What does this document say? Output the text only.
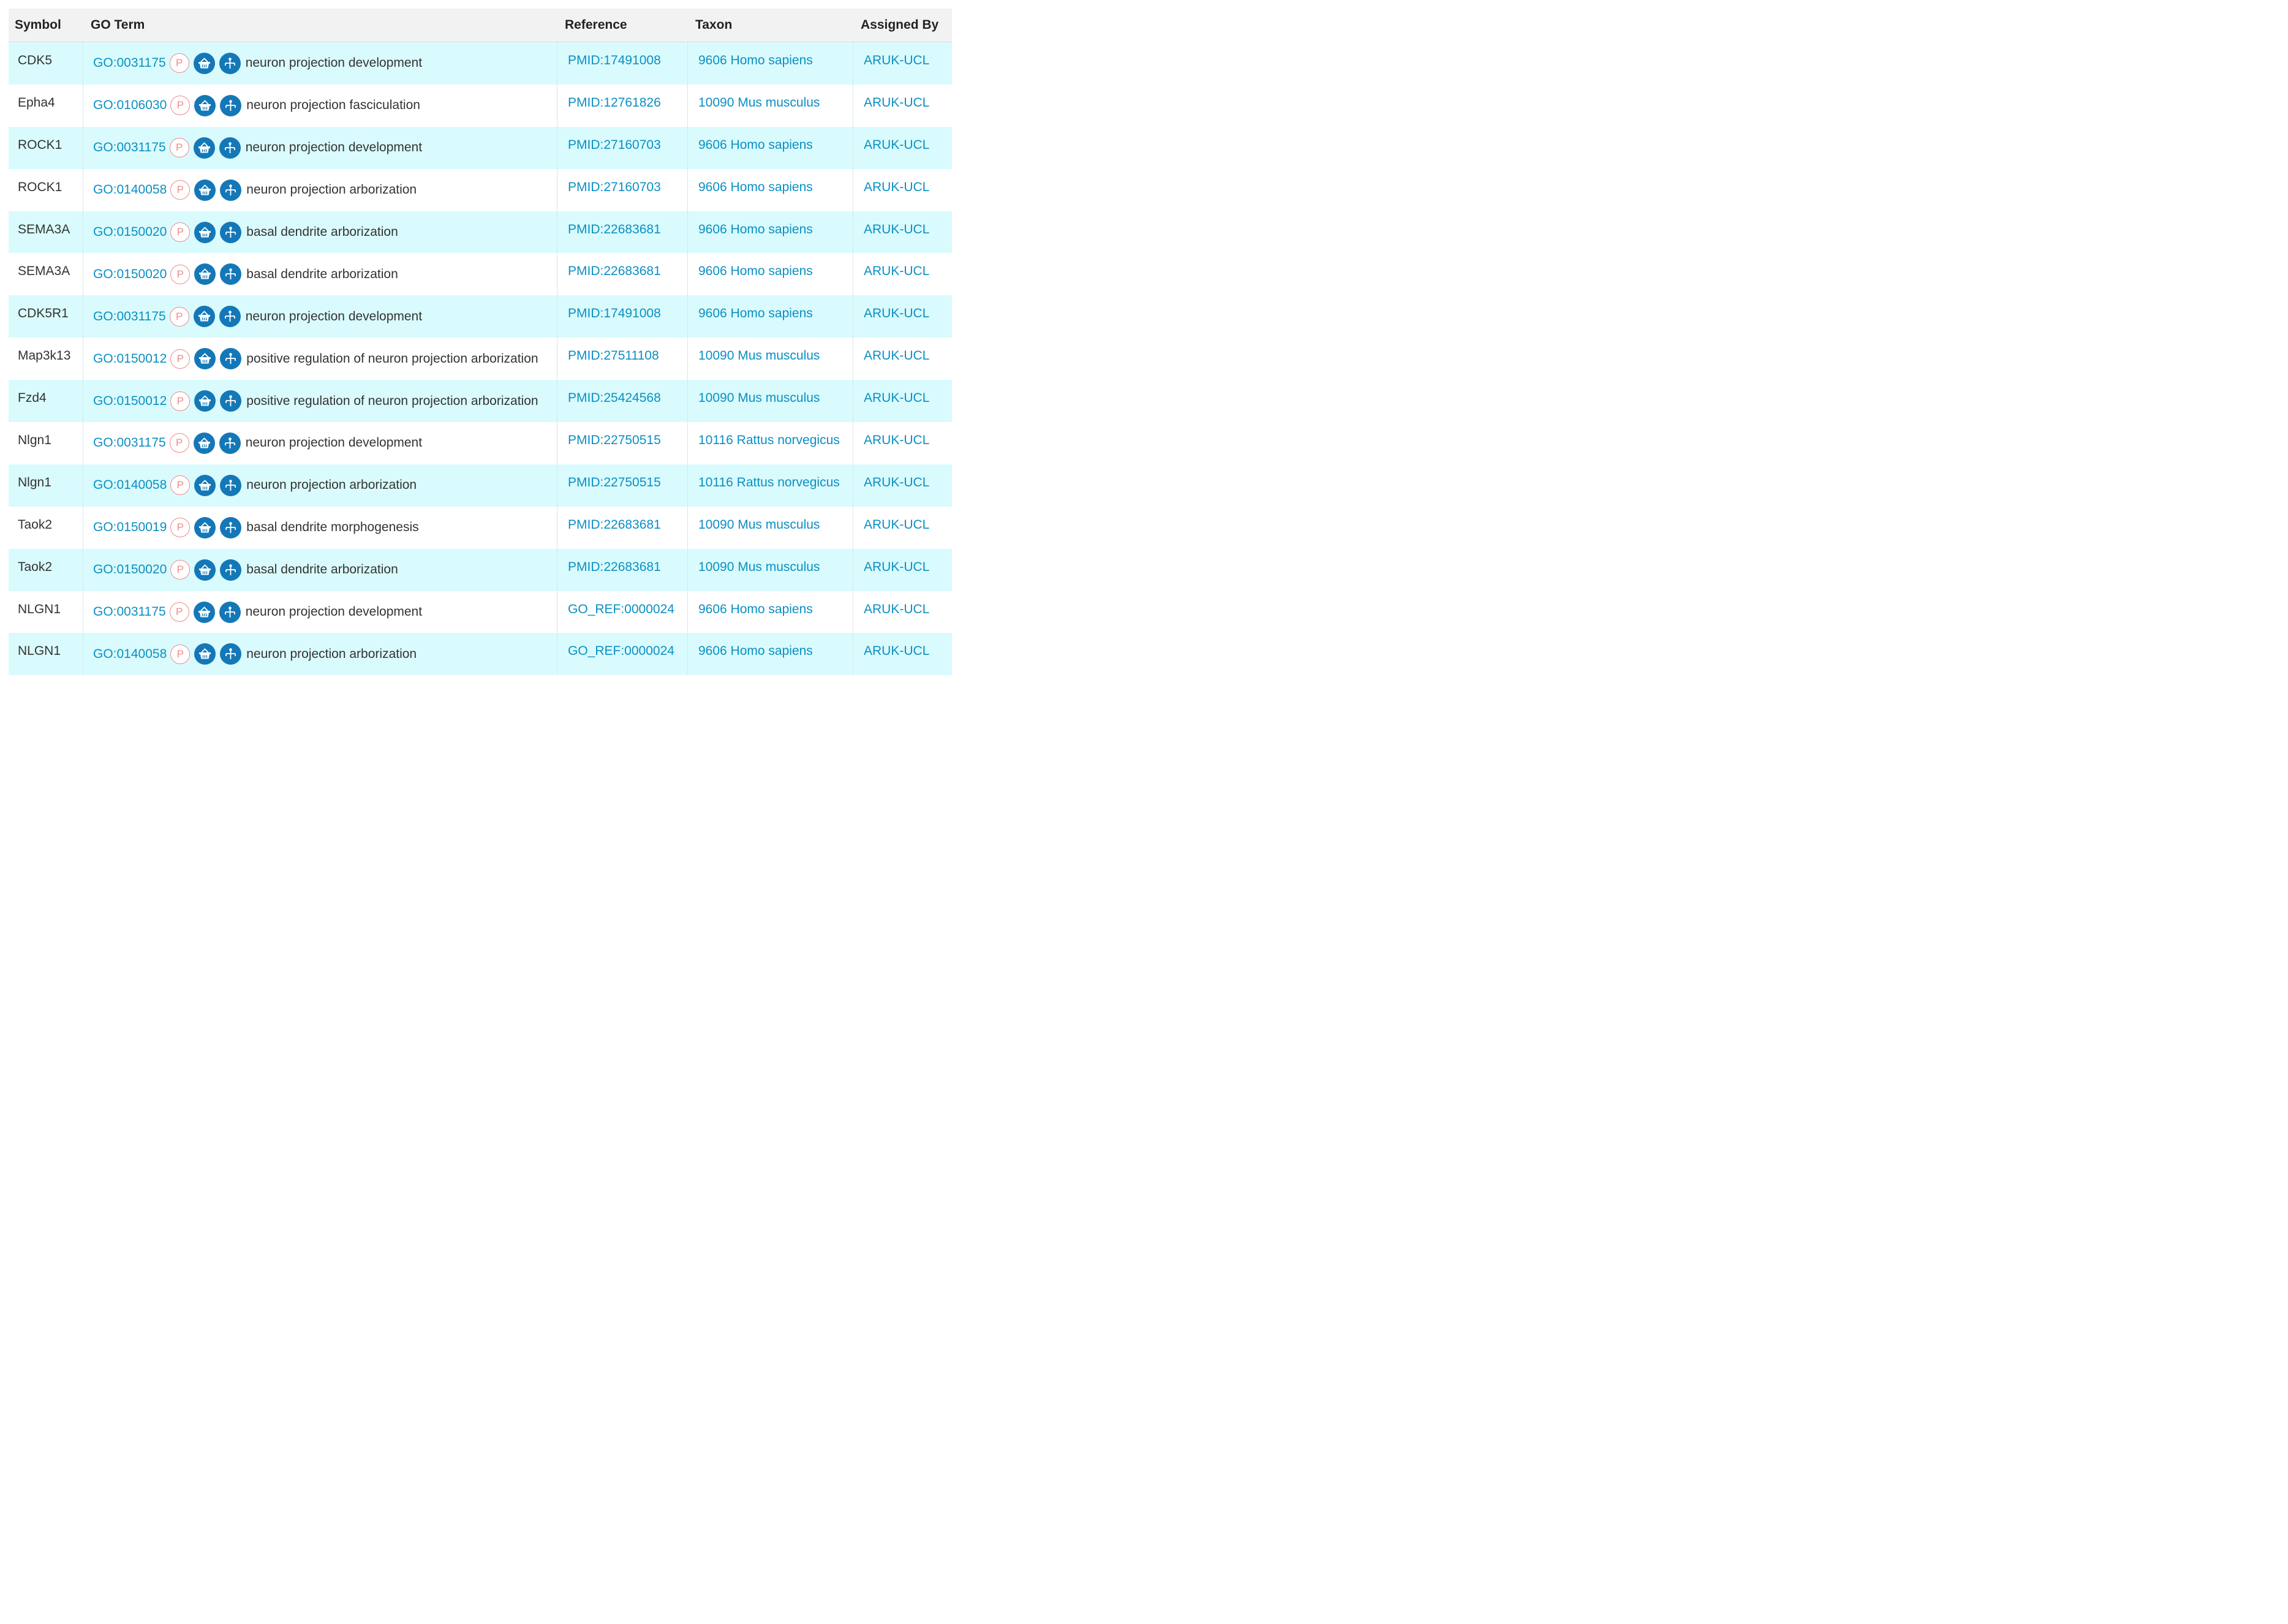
Symbol	GO Term	Reference	Taxon	Assigned By
CDK5	GO:0031175 P	neuron projection development	PMID:17491008	9606 Homo sapiens	ARUK-UCL
Epha4	GO:0106030 P	neuron projection fasciculation	PMID:12761826	10090 Mus musculus	ARUK-UCL
ROCK1	GO:0031175 P	neuron projection development	PMID:27160703	9606 Homo sapiens	ARUK-UCL
ROCK1	GO:0140058 P	neuron projection arborization	PMID:27160703	9606 Homo sapiens	ARUK-UCL
SEMA3A	GO:0150020 P	basal dendrite arborization	PMID:22683681	9606 Homo sapiens	ARUK-UCL
SEMA3A	GO:0150020 P	basal dendrite arborization	PMID:22683681	9606 Homo sapiens	ARUK-UCL
CDK5R1	GO:0031175 P	neuron projection development	PMID:17491008	9606 Homo sapiens	ARUK-UCL
Map3k13	GO:0150012 P	positive regulation of neuron projection arborization	PMID:27511108	10090 Mus musculus	ARUK-UCL
Fzd4	GO:0150012 P	positive regulation of neuron projection arborization	PMID:25424568	10090 Mus musculus	ARUK-UCL
Nlgn1	GO:0031175 P	neuron projection development	PMID:22750515	10116 Rattus norvegicus	ARUK-UCL
Nlgn1	GO:0140058 P	neuron projection arborization	PMID:22750515	10116 Rattus norvegicus	ARUK-UCL
Taok2	GO:0150019 P	basal dendrite morphogenesis	PMID:22683681	10090 Mus musculus	ARUK-UCL
Taok2	GO:0150020 P	basal dendrite arborization	PMID:22683681	10090 Mus musculus	ARUK-UCL
NLGN1	GO:0031175 P	neuron projection development	GO_REF:0000024	9606 Homo sapiens	ARUK-UCL
NLGN1	GO:0140058 P	neuron projection arborization	GO_REF:0000024	9606 Homo sapiens	ARUK-UCL
